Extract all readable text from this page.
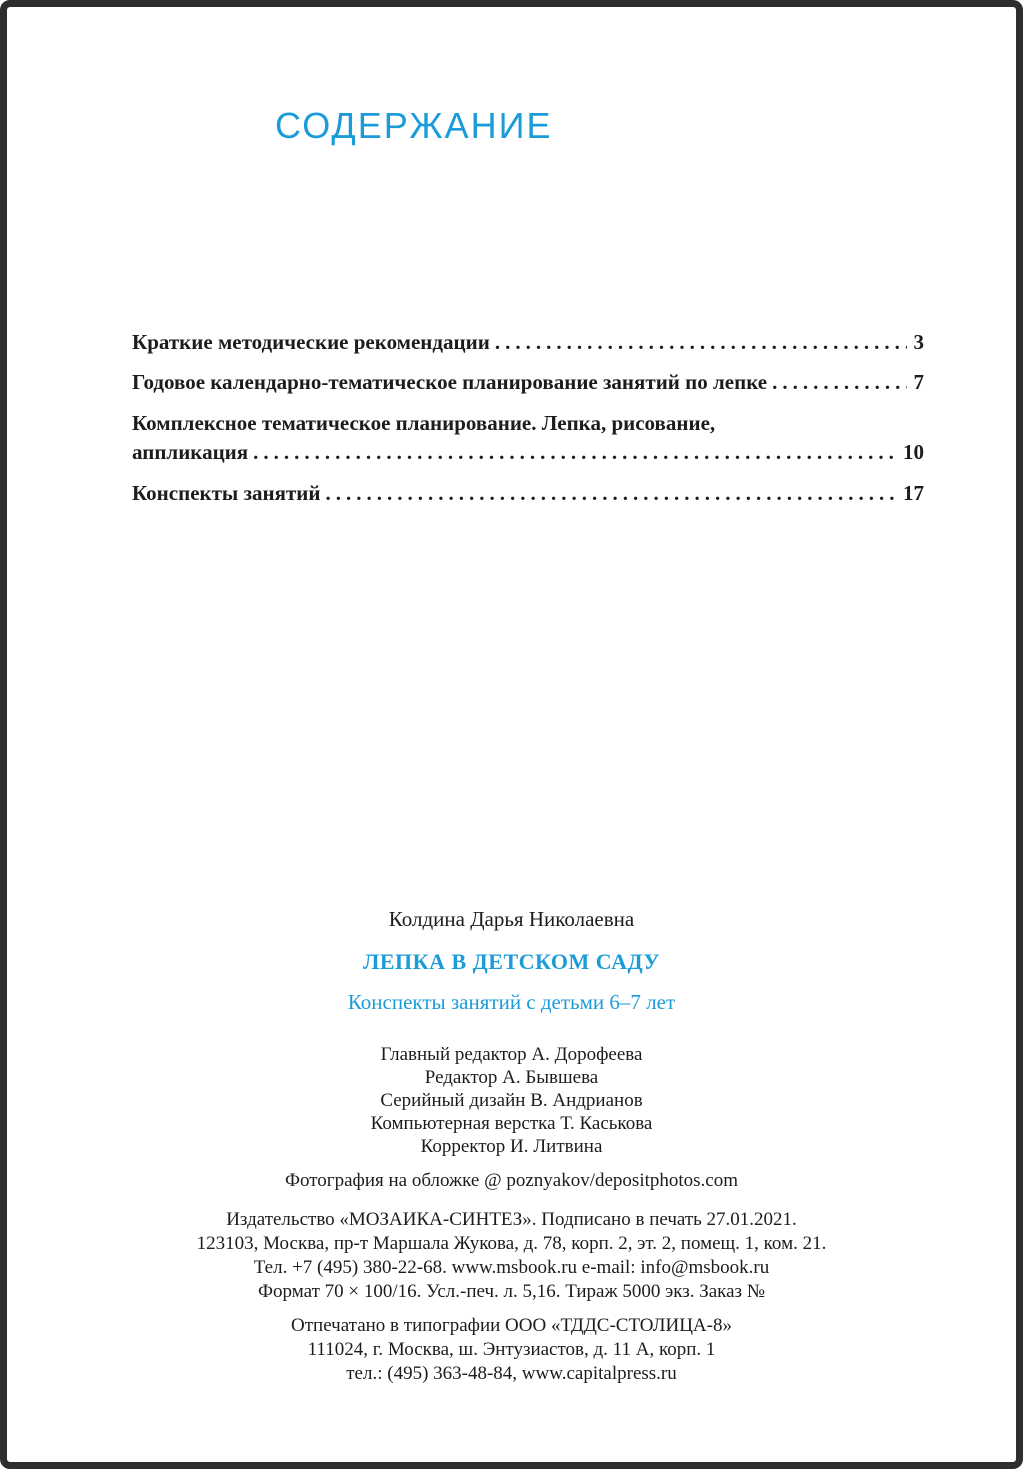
СОДЕРЖАНИЕ
Краткие методические рекомендации .....	3
Годовое календарно-тематическое планирование занятий по лепке .....	7
Комплексное тематическое планирование. Лепка, рисование,
аппликация .....	10
Конспекты занятий .....	17
Колдина Дарья Николаевна
ЛЕПКА В ДЕТСКОМ САДУ
Конспекты занятий с детьми 6–7 лет
Главный редактор А. Дорофеева
Редактор А. Бывшева
Серийный дизайн В. Андрианов
Компьютерная верстка Т. Каськова
Корректор И. Литвина
Фотография на обложке @ poznyakov/depositphotos.com
Издательство «МОЗАИКА-СИНТЕЗ». Подписано в печать 27.01.2021.
123103, Москва, пр-т Маршала Жукова, д. 78, корп. 2, эт. 2, помещ. 1, ком. 21.
Тел. +7 (495) 380-22-68. www.msbook.ru e-mail: info@msbook.ru
Формат 70 × 100/16. Усл.-печ. л. 5,16. Тираж 5000 экз. Заказ №
Отпечатано в типографии ООО «ТДДС-СТОЛИЦА-8»
111024, г. Москва, ш. Энтузиастов, д. 11 А, корп. 1
тел.: (495) 363-48-84, www.capitalpress.ru
